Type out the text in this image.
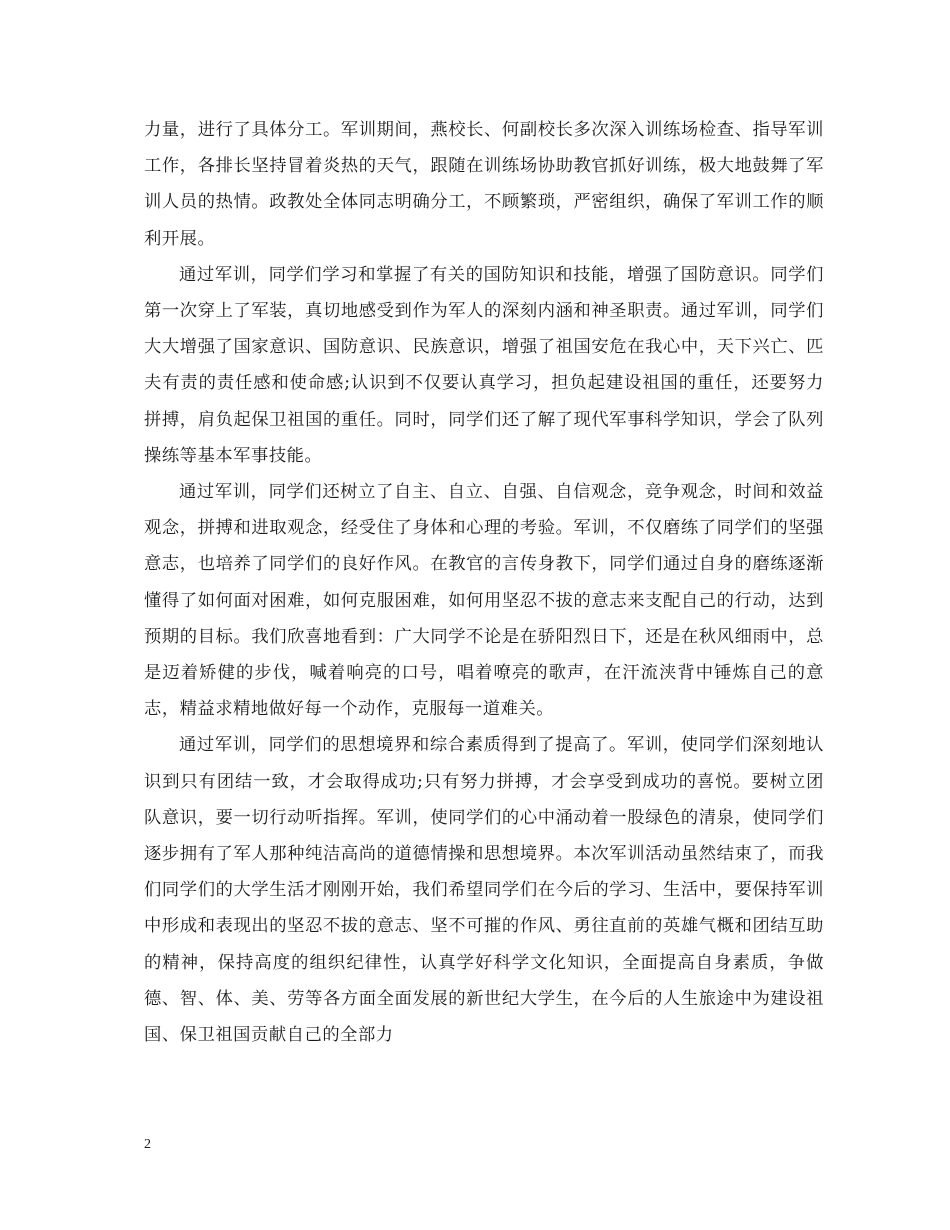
力量，进行了具体分工。军训期间，燕校长、何副校长多次深入训练场检查、指导军训工作，各排长坚持冒着炎热的天气，跟随在训练场协助教官抓好训练，极大地鼓舞了军训人员的热情。政教处全体同志明确分工，不顾繁琐，严密组织，确保了军训工作的顺利开展。

通过军训，同学们学习和掌握了有关的国防知识和技能，增强了国防意识。同学们第一次穿上了军装，真切地感受到作为军人的深刻内涵和神圣职责。通过军训，同学们大大增强了国家意识、国防意识、民族意识，增强了祖国安危在我心中，天下兴亡、匹夫有责的责任感和使命感;认识到不仅要认真学习，担负起建设祖国的重任，还要努力拼搏，肩负起保卫祖国的重任。同时，同学们还了解了现代军事科学知识，学会了队列操练等基本军事技能。

通过军训，同学们还树立了自主、自立、自强、自信观念，竞争观念，时间和效益观念，拼搏和进取观念，经受住了身体和心理的考验。军训，不仅磨练了同学们的坚强意志，也培养了同学们的良好作风。在教官的言传身教下，同学们通过自身的磨练逐渐懂得了如何面对困难，如何克服困难，如何用坚忍不拔的意志来支配自己的行动，达到预期的目标。我们欣喜地看到：广大同学不论是在骄阳烈日下，还是在秋风细雨中，总是迈着矫健的步伐，喊着响亮的口号，唱着嘹亮的歌声，在汗流浃背中锤炼自己的意志，精益求精地做好每一个动作，克服每一道难关。

通过军训，同学们的思想境界和综合素质得到了提高了。军训，使同学们深刻地认识到只有团结一致，才会取得成功;只有努力拼搏，才会享受到成功的喜悦。要树立团队意识，要一切行动听指挥。军训，使同学们的心中涌动着一股绿色的清泉，使同学们逐步拥有了军人那种纯洁高尚的道德情操和思想境界。本次军训活动虽然结束了，而我们同学们的大学生活才刚刚开始，我们希望同学们在今后的学习、生活中，要保持军训中形成和表现出的坚忍不拔的意志、坚不可摧的作风、勇往直前的英雄气概和团结互助的精神，保持高度的组织纪律性，认真学好科学文化知识，全面提高自身素质，争做德、智、体、美、劳等各方面全面发展的新世纪大学生，在今后的人生旅途中为建设祖国、保卫祖国贡献自己的全部力

2
